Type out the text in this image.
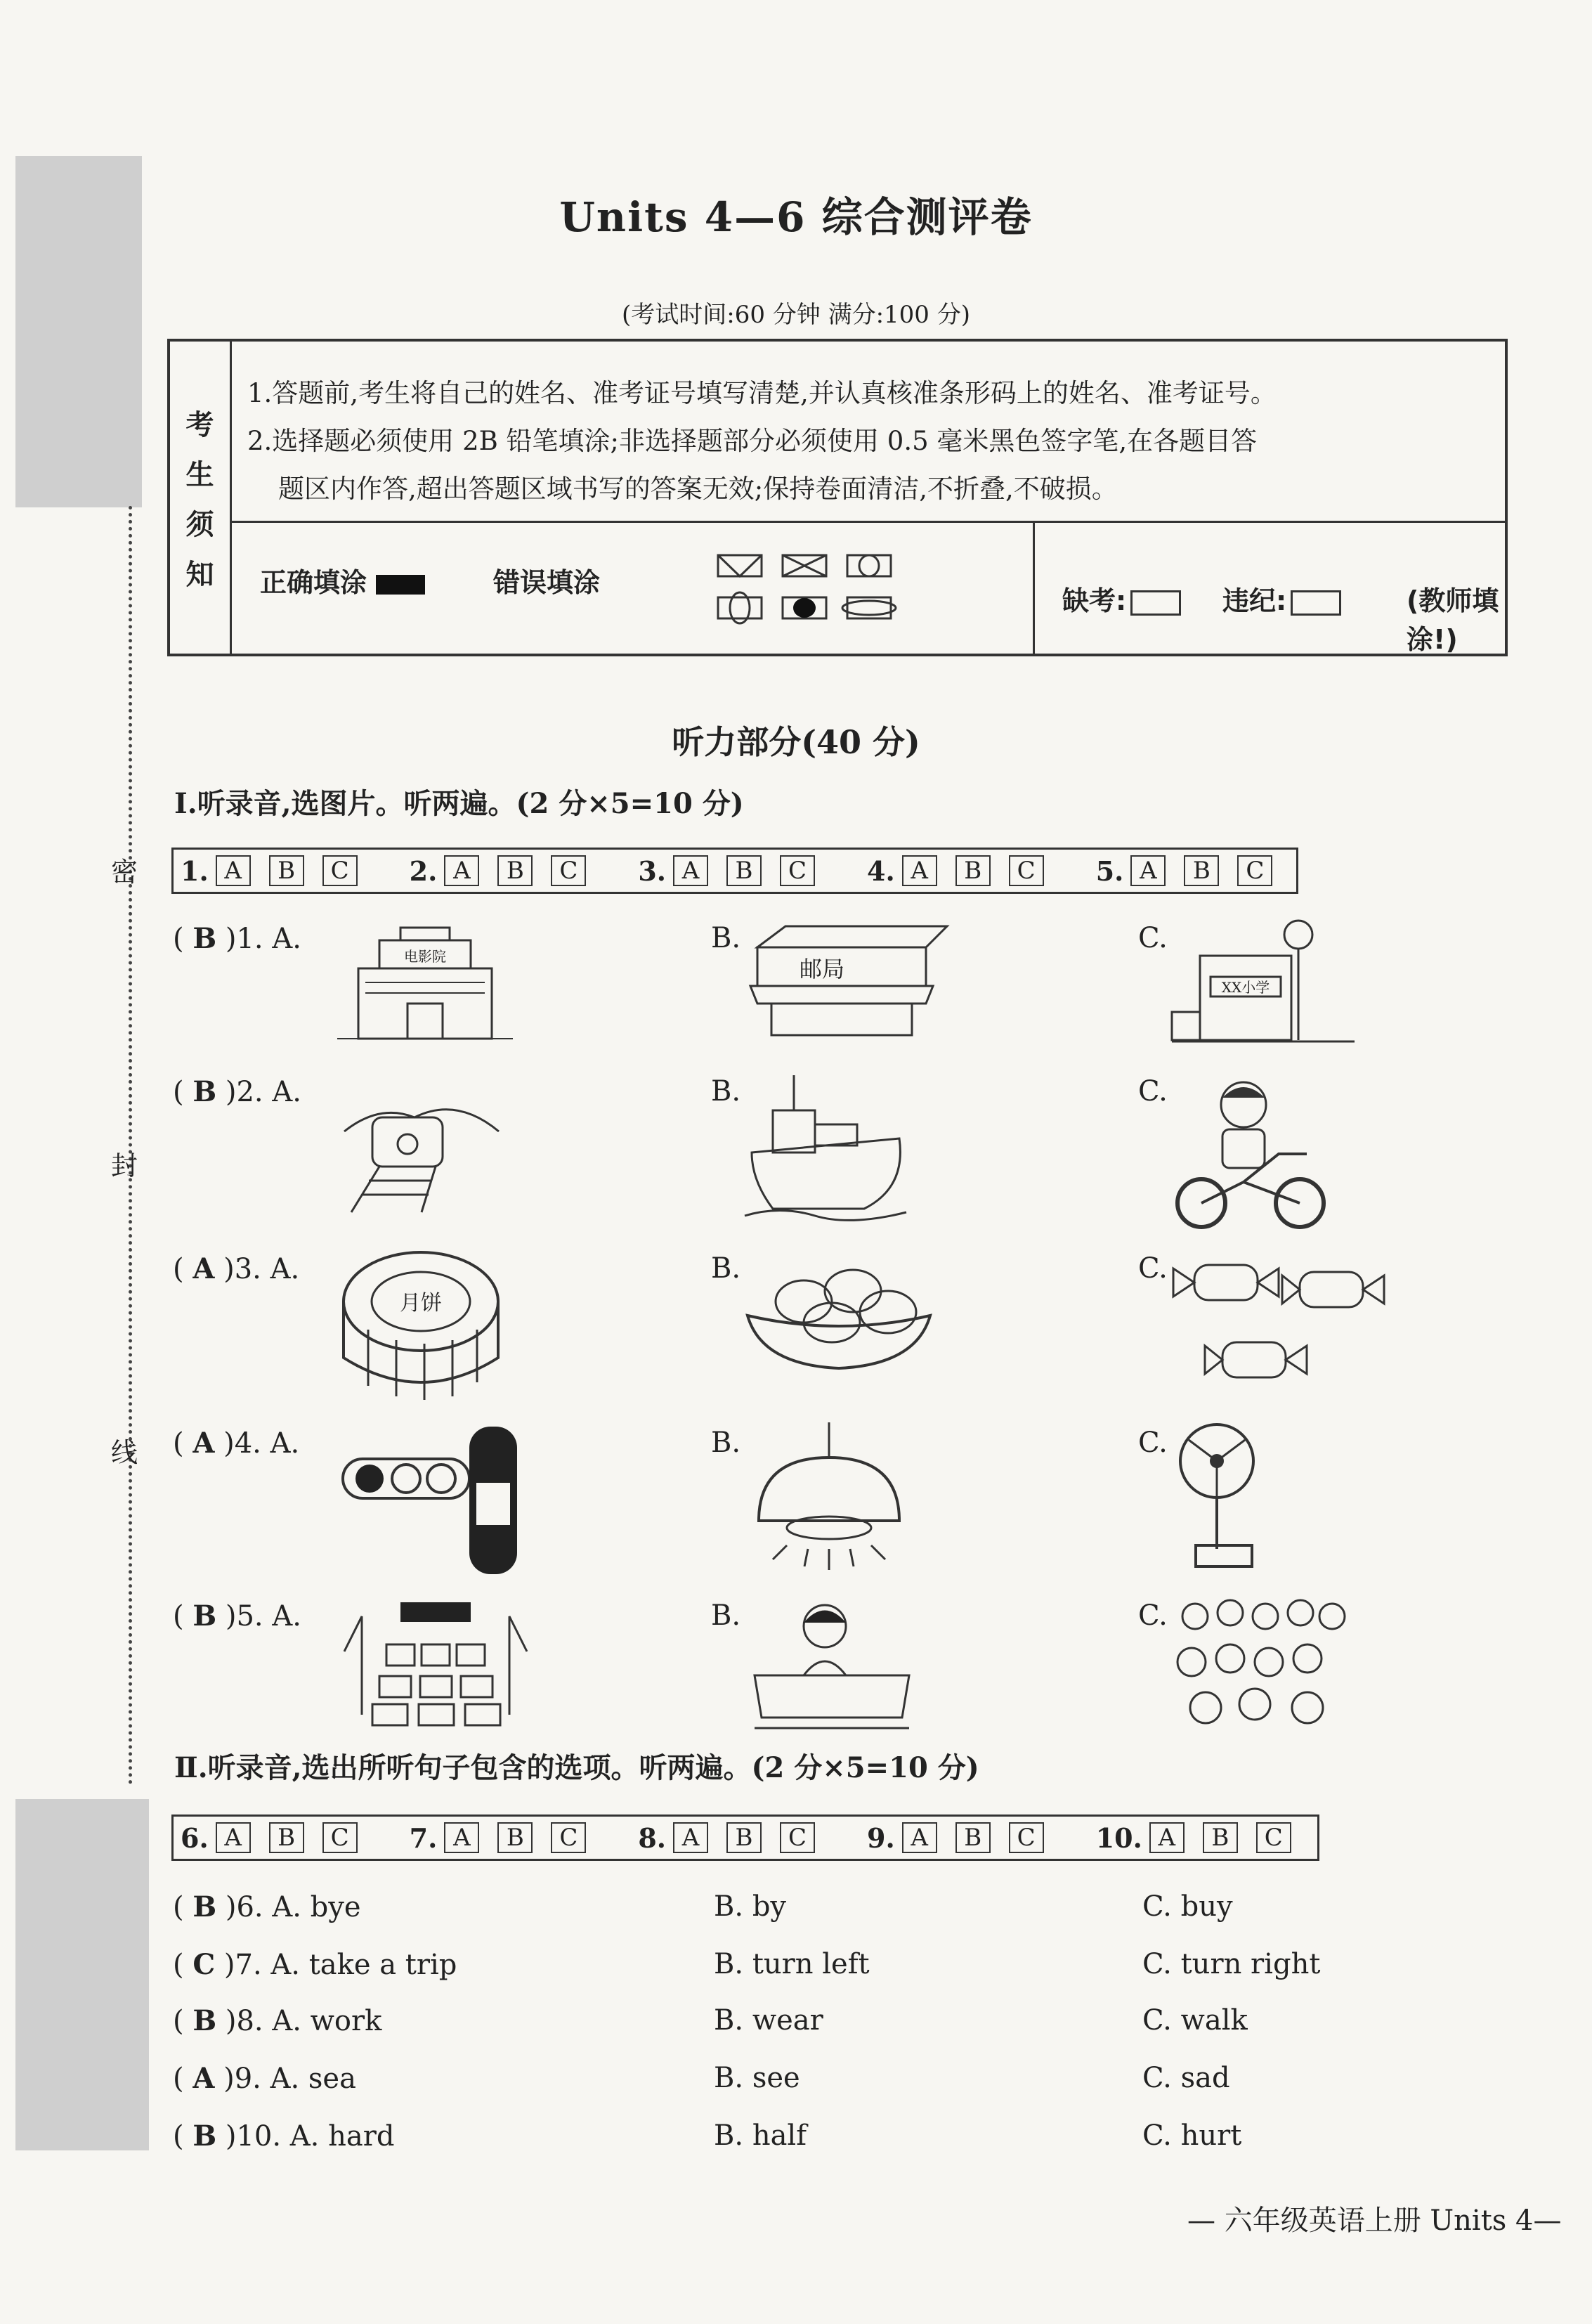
密
封
线
Units 4—6 综合测评卷
(考试时间:60 分钟 满分:100 分)
考
生
须
知
1.答题前,考生将自己的姓名、准考证号填写清楚,并认真核准条形码上的姓名、准考证号。
2.选择题必须使用 2B 铅笔填涂;非选择题部分必须使用 0.5 毫米黑色签字笔,在各题目答
题区内作答,超出答题区域书写的答案无效;保持卷面清洁,不折叠,不破损。
正确填涂	错误填涂
缺考:	违纪:	(教师填涂!)
听力部分(40 分)
Ⅰ.听录音,选图片。听两遍。(2 分×5=10 分)
1. A	B	C	2. A	B	C	3. A	B	C	4. A	B	C	5. A	B	C
( B )1. A.
电影院
B.
邮局
C.
XX小学
( B )2. A.	B.	C.
( A )3. A.
月饼
B.	C.
( A )4. A.	B.	C.
( B )5. A.	B.	C.
Ⅱ.听录音,选出所听句子包含的选项。听两遍。(2 分×5=10 分)
6. A	B	C	7. A	B	C	8. A	B	C	9. A	B	C	10. A	B	C
( B )6. A. bye	B. by	C. buy
( C )7. A. take a trip	B. turn left	C. turn right
( B )8. A. work	B. wear	C. walk
( A )9. A. sea	B. see	C. sad
( B )10. A. hard	B. half	C. hurt
— 六年级英语上册 Units 4—
